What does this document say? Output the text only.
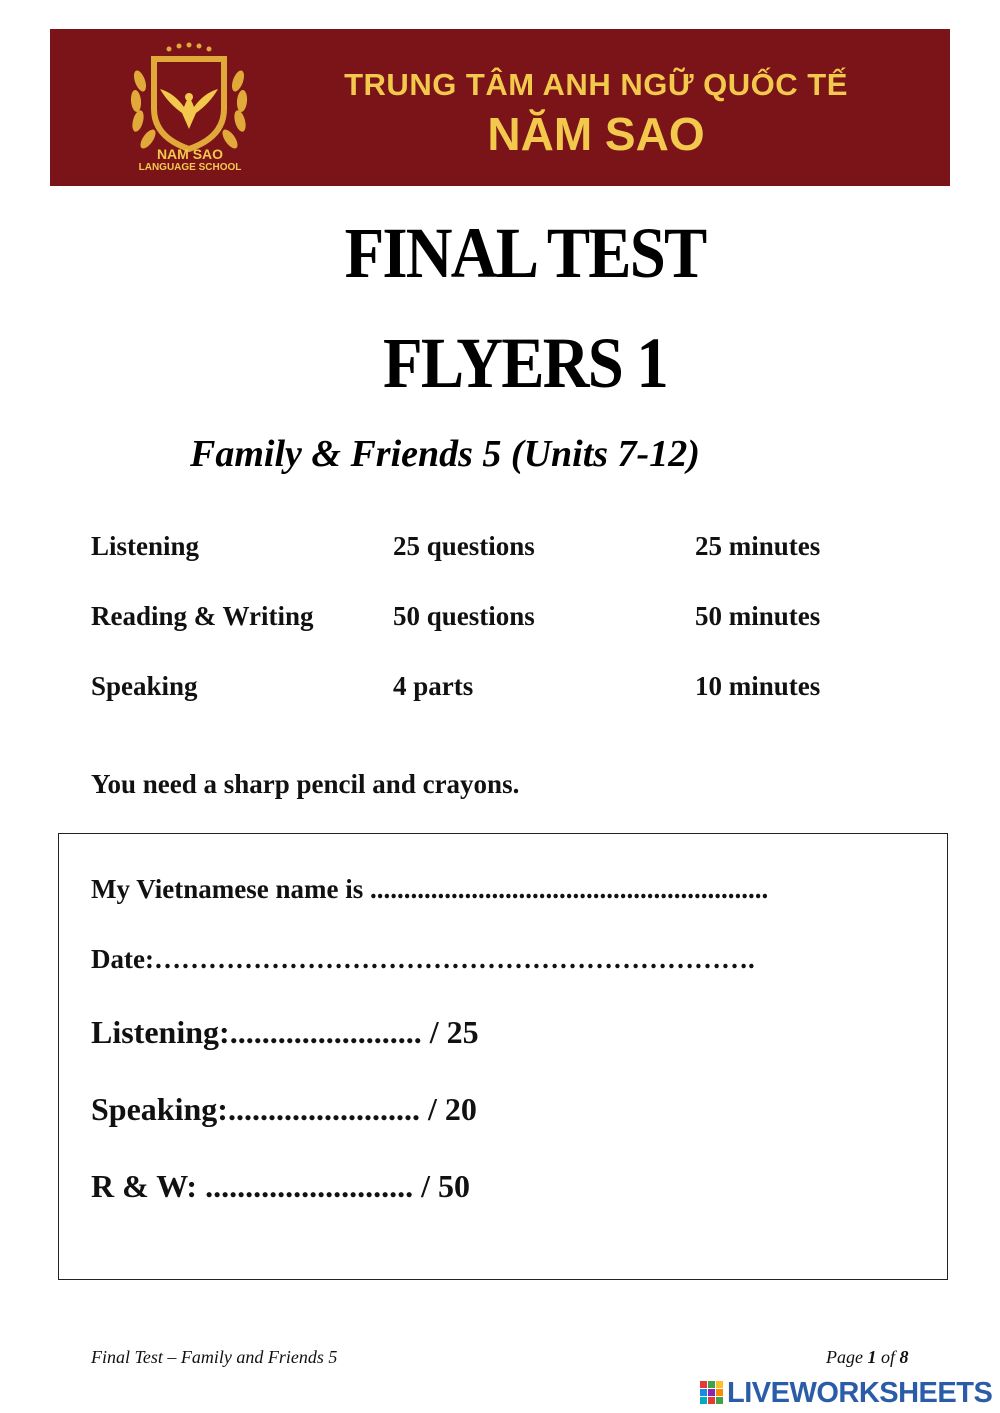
NAM SAO
LANGUAGE SCHOOL
TRUNG TÂM ANH NGỮ QUỐC TẾ
NĂM SAO
FINAL TEST
FLYERS 1
Family & Friends 5 (Units 7-12)
Listening	25 questions	25 minutes
Reading & Writing	50 questions	50 minutes
Speaking	4 parts	10 minutes
You need a sharp pencil and crayons.
My Vietnamese name is ...........................................................
Date:………………………………………………………….
Listening:........................ / 25
Speaking:........................ / 20
R & W: .......................... / 50
Final Test – Family and Friends 5	Page 1 of 8
LIVEWORKSHEETS
